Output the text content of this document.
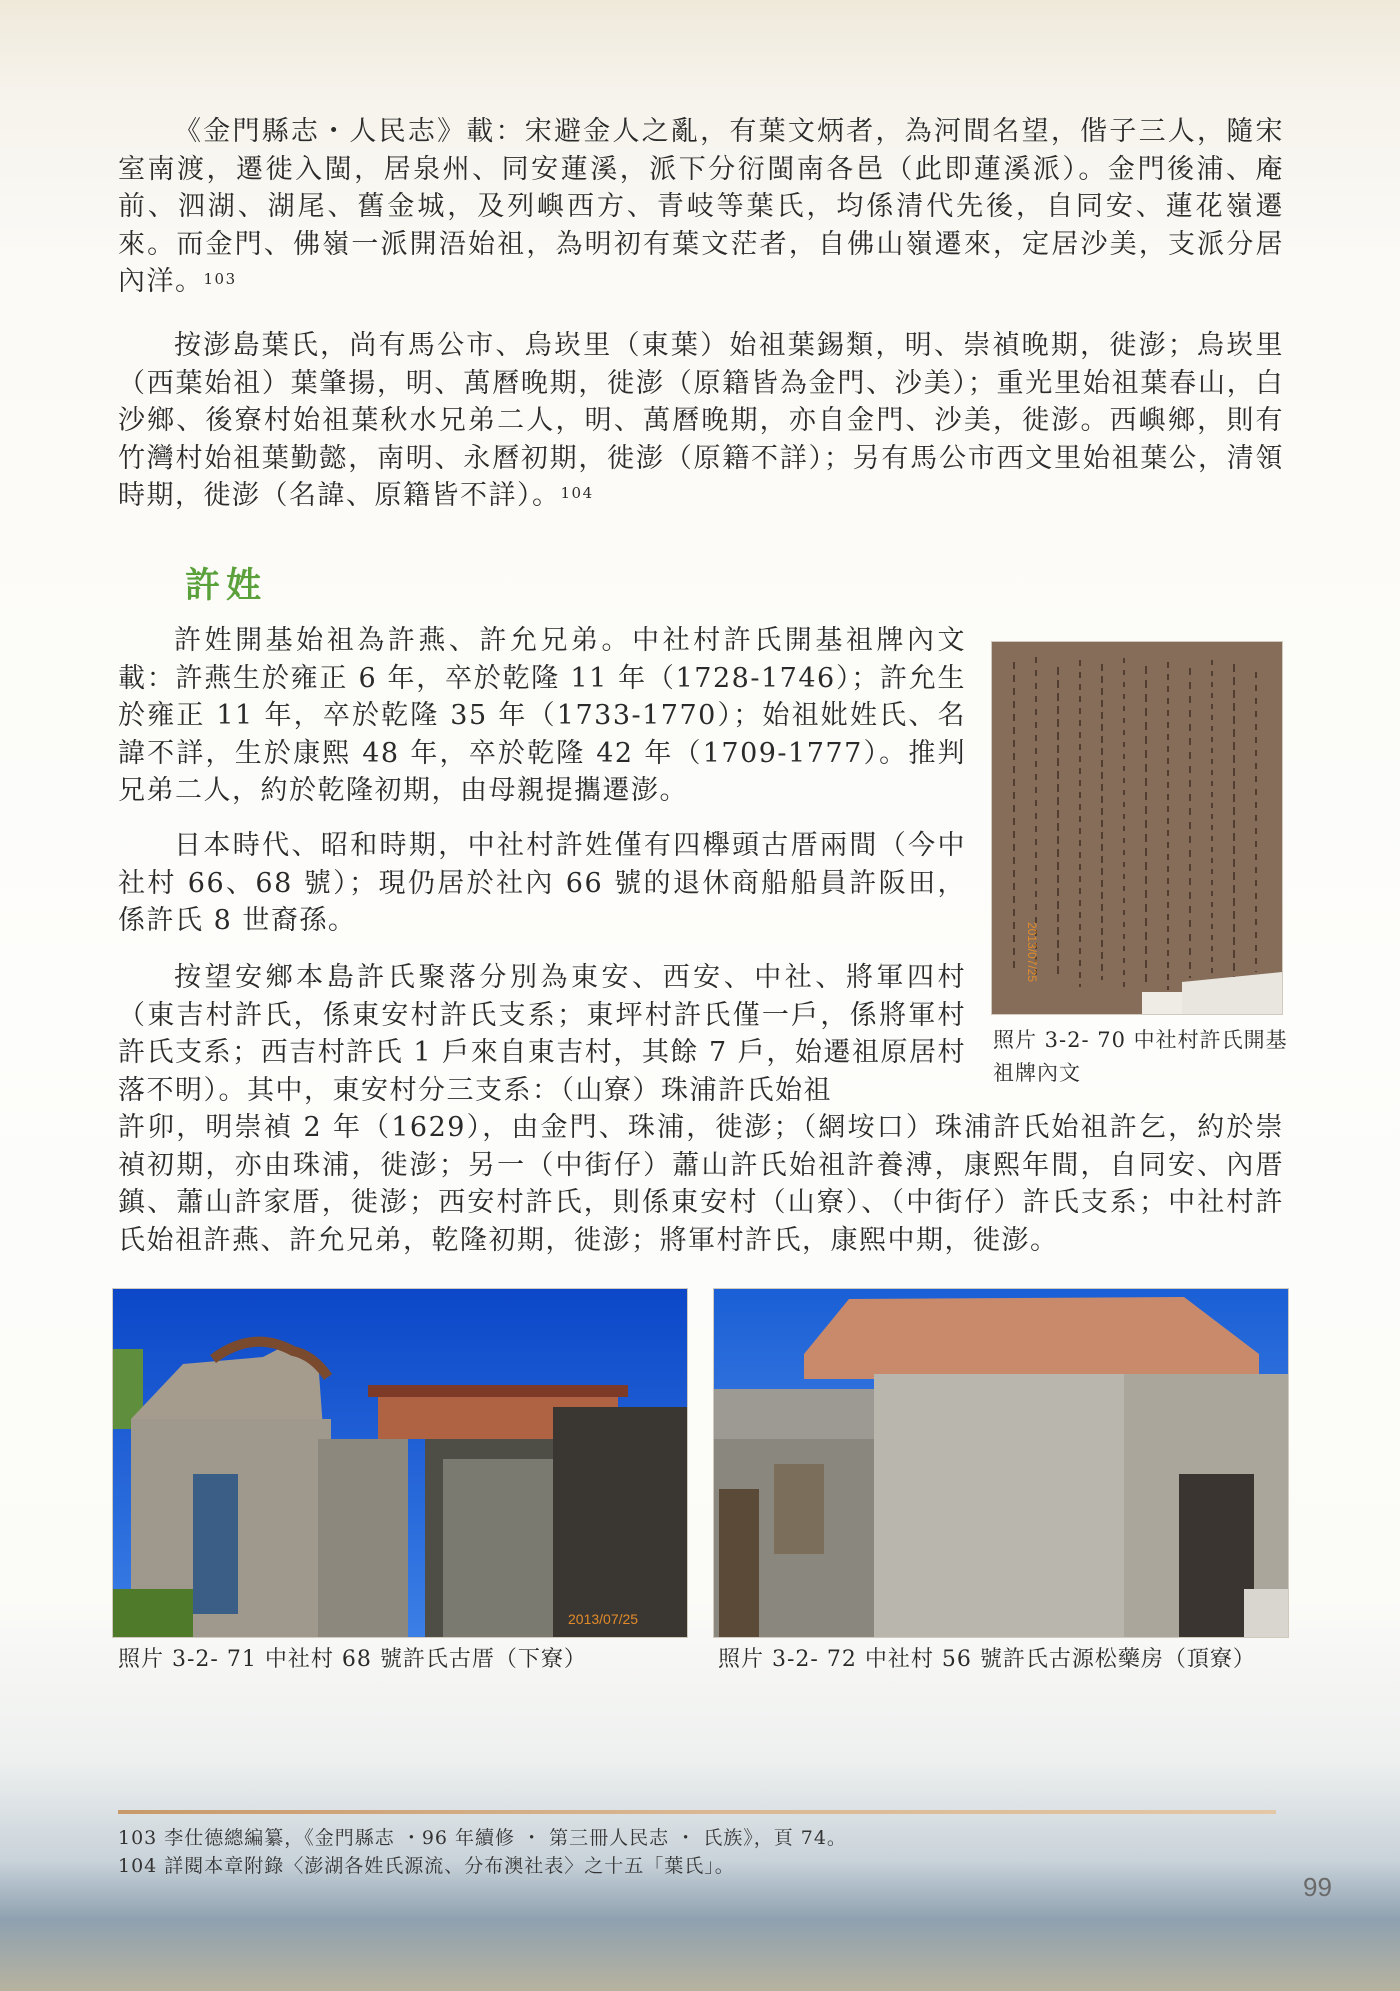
《金門縣志・人民志》載：宋避金人之亂，有葉文炳者，為河間名望，偕子三人，隨宋室南渡，遷徙入閩，居泉州、同安蓮溪，派下分衍閩南各邑（此即蓮溪派）。金門後浦、庵前、泗湖、湖尾、舊金城，及列嶼西方、青岐等葉氏，均係清代先後，自同安、蓮花嶺遷來。而金門、佛嶺一派開浯始祖，為明初有葉文茫者，自佛山嶺遷來，定居沙美，支派分居內洋。$^{103}$

按澎島葉氏，尚有馬公市、烏崁里（東葉）始祖葉錫類，明、崇禎晚期，徙澎；烏崁里（西葉始祖）葉肇揚，明、萬曆晚期，徙澎（原籍皆為金門、沙美）；重光里始祖葉春山，白沙鄉、後寮村始祖葉秋水兄弟二人，明、萬曆晚期，亦自金門、沙美，徙澎。西嶼鄉，則有竹灣村始祖葉勤懿，南明、永曆初期，徙澎（原籍不詳）；另有馬公市西文里始祖葉公，清領時期，徙澎（名諱、原籍皆不詳）。$^{104}$

許姓

許姓開基始祖為許燕、許允兄弟。中社村許氏開基祖牌內文載：許燕生於雍正 6 年，卒於乾隆 11 年（1728-1746）；許允生於雍正 11 年，卒於乾隆 35 年（1733-1770）；始祖妣姓氏、名諱不詳，生於康熙 48 年，卒於乾隆 42 年（1709-1777）。推判兄弟二人，約於乾隆初期，由母親提攜遷澎。

日本時代、昭和時期，中社村許姓僅有四櫸頭古厝兩間（今中社村 66、68 號）；現仍居於社內 66 號的退休商船船員許阪田，係許氏 8 世裔孫。

按望安鄉本島許氏聚落分別為東安、西安、中社、將軍四村（東吉村許氏，係東安村許氏支系；東坪村許氏僅一戶，係將軍村許氏支系；西吉村許氏 1 戶來自東吉村，其餘 7 戶，始遷祖原居村落不明）。其中，東安村分三支系：（山寮）珠浦許氏始祖

許卯，明崇禎 2 年（1629），由金門、珠浦，徙澎；（網垵口）珠浦許氏始祖許乞，約於崇禎初期，亦由珠浦，徙澎；另一（中街仔）蕭山許氏始祖許養溥，康熙年間，自同安、內厝鎮、蕭山許家厝，徙澎；西安村許氏，則係東安村（山寮）、（中街仔）許氏支系；中社村許氏始祖許燕、許允兄弟，乾隆初期，徙澎；將軍村許氏，康熙中期，徙澎。

2013/07/25
照片 3-2- 70 中社村許氏開基祖牌內文
2013/07/25
照片 3-2- 71 中社村 68 號許氏古厝（下寮）	照片 3-2- 72 中社村 56 號許氏古源松藥房（頂寮）
103 李仕德總編纂，《金門縣志 ・96 年續修 ・ 第三冊人民志 ・ 氏族》，頁 74。
104 詳閱本章附錄〈澎湖各姓氏源流、分布澳社表〉之十五「葉氏」。
99
